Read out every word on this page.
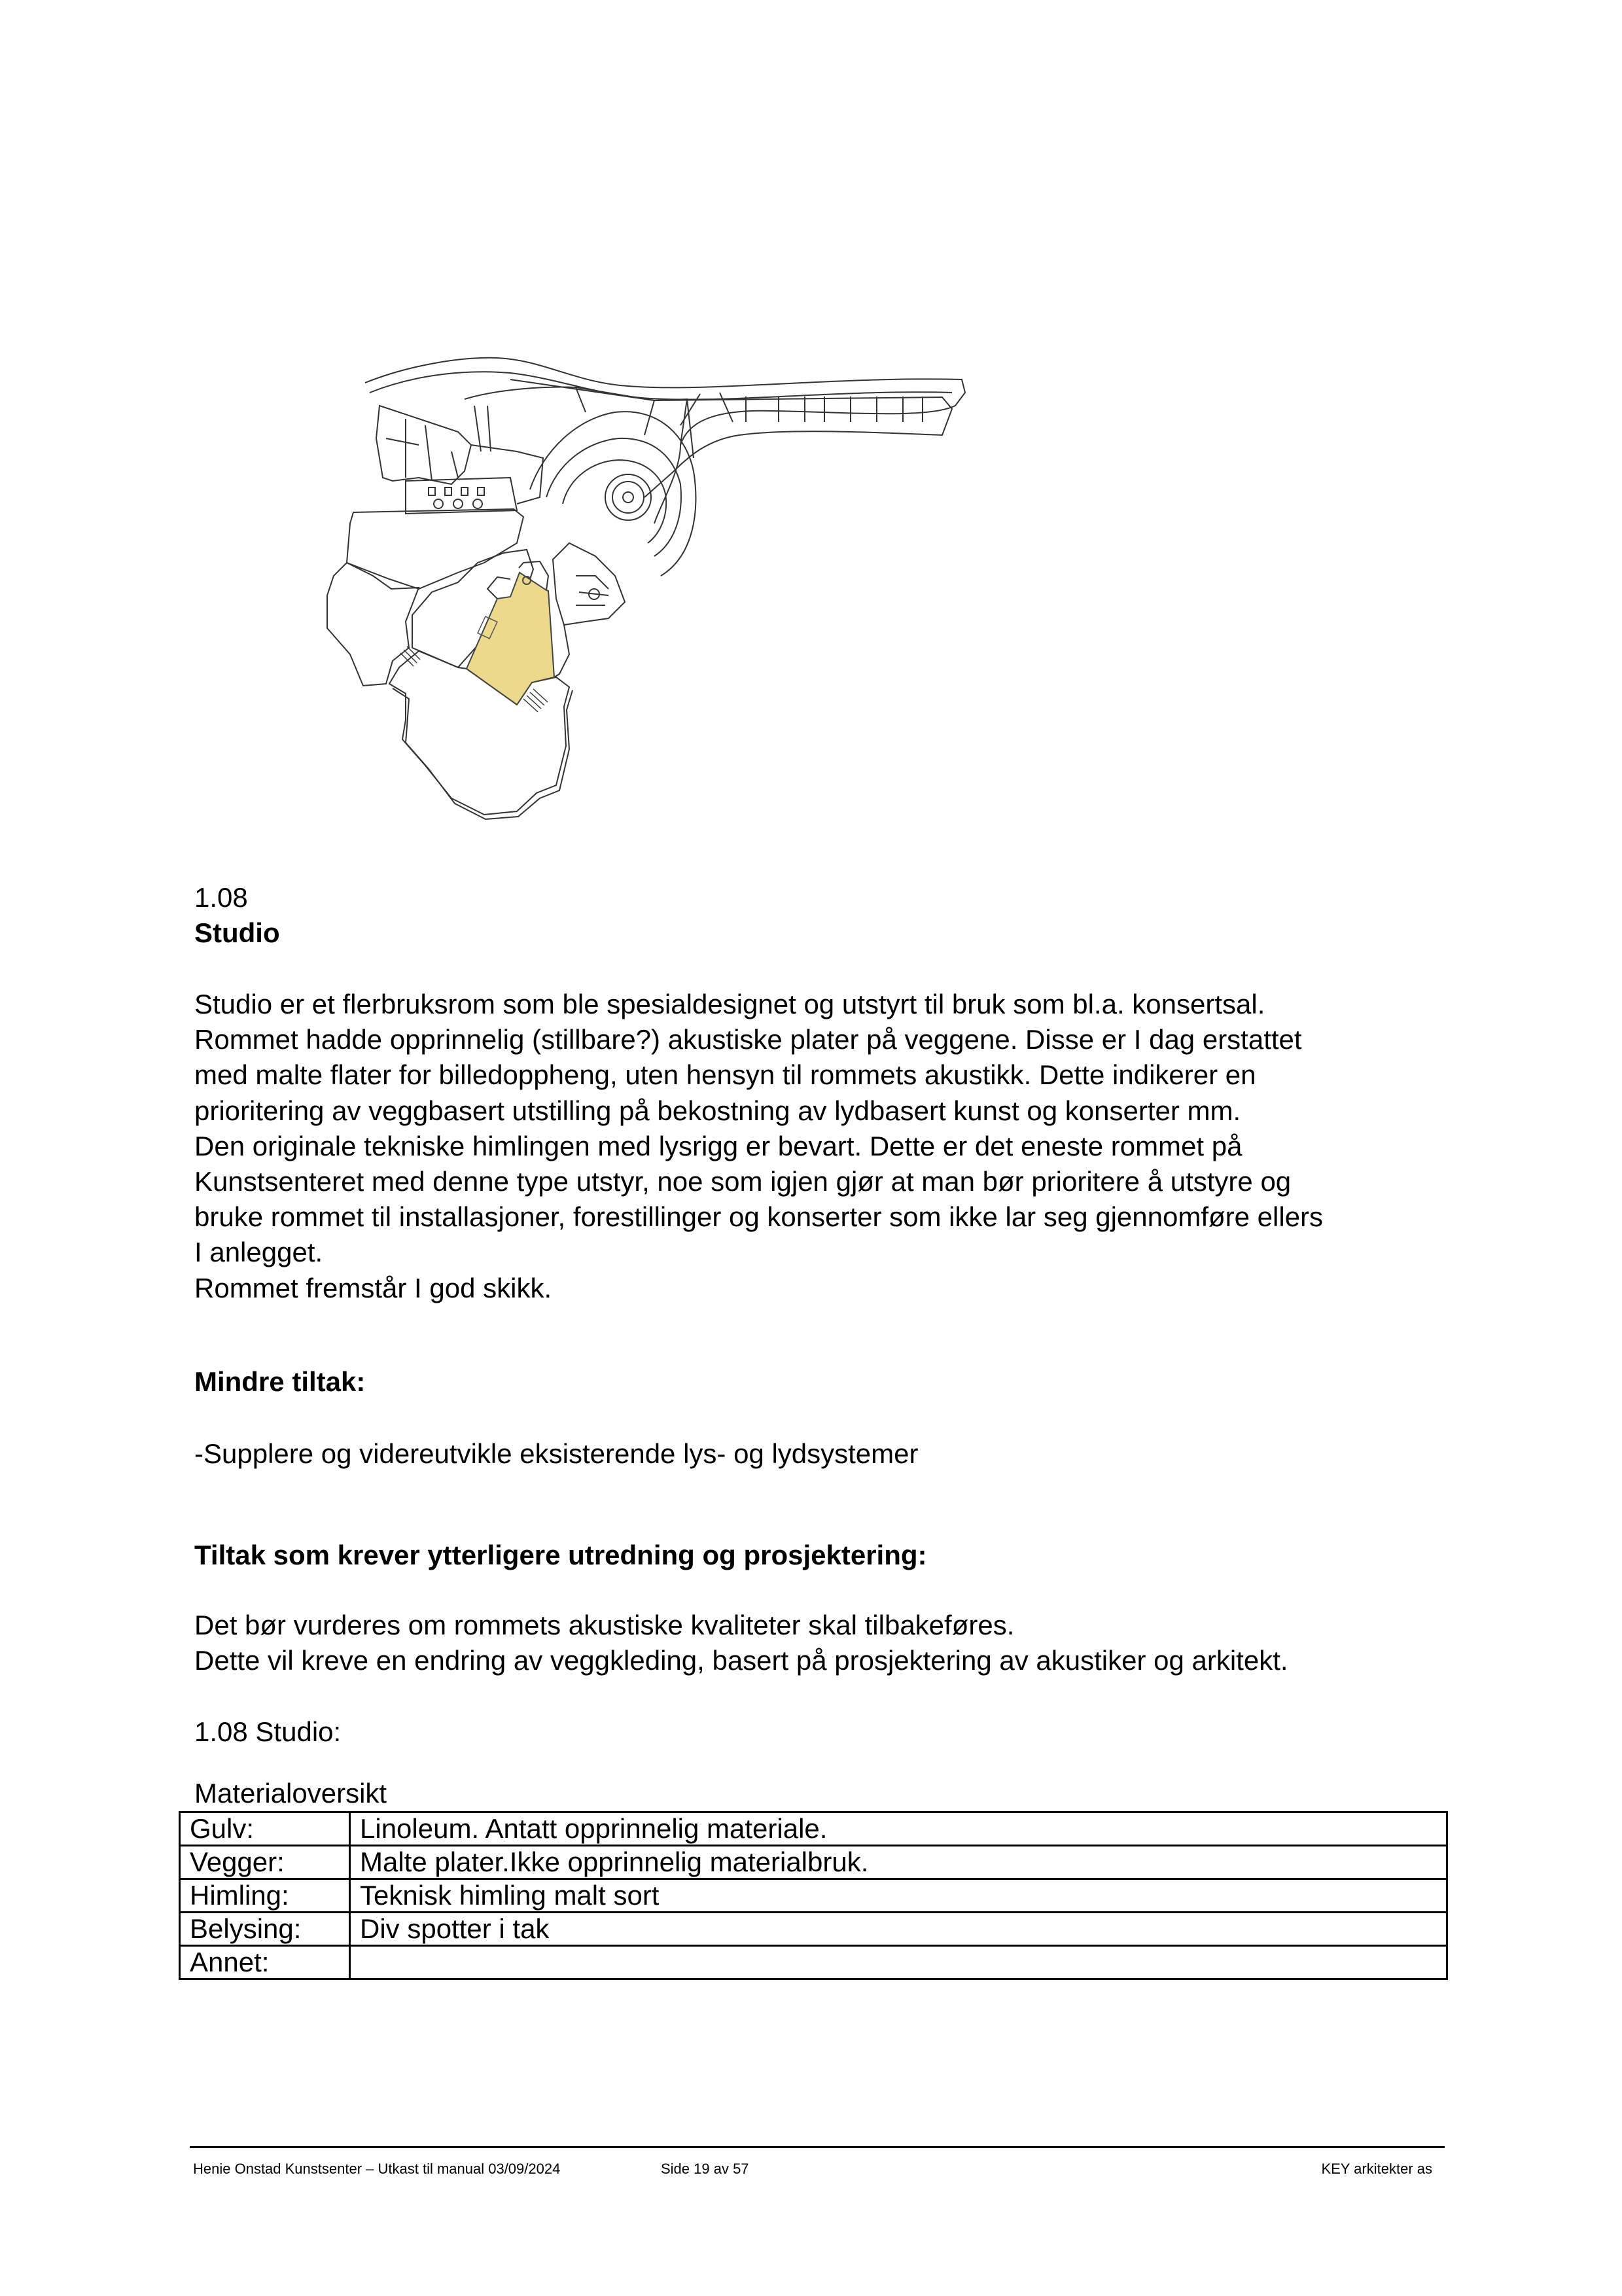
1.08
Studio
Studio er et flerbruksrom som ble spesialdesignet og utstyrt til bruk som bl.a. konsertsal.
Rommet hadde opprinnelig (stillbare?) akustiske plater på veggene. Disse er I dag erstattet
med malte flater for billedoppheng, uten hensyn til rommets akustikk. Dette indikerer en
prioritering av veggbasert utstilling på bekostning av lydbasert kunst og konserter mm.
Den originale tekniske himlingen med lysrigg er bevart. Dette er det eneste rommet på
Kunstsenteret med denne type utstyr, noe som igjen gjør at man bør prioritere å utstyre og
bruke rommet til installasjoner, forestillinger og konserter som ikke lar seg gjennomføre ellers
I anlegget.
Rommet fremstår I god skikk.
Mindre tiltak:
-Supplere og videreutvikle eksisterende lys- og lydsystemer
Tiltak som krever ytterligere utredning og prosjektering:
Det bør vurderes om rommets akustiske kvaliteter skal tilbakeføres.
Dette vil kreve en endring av veggkleding, basert på prosjektering av akustiker og arkitekt.
1.08 Studio:
Materialoversikt
Gulv:	Linoleum. Antatt opprinnelig materiale.
Vegger:	Malte plater.Ikke opprinnelig materialbruk.
Himling:	Teknisk himling malt sort
Belysing:	Div spotter i tak
Annet:	
Henie Onstad Kunstsenter – Utkast til manual 03/09/2024	Side 19 av 57	KEY arkitekter as
